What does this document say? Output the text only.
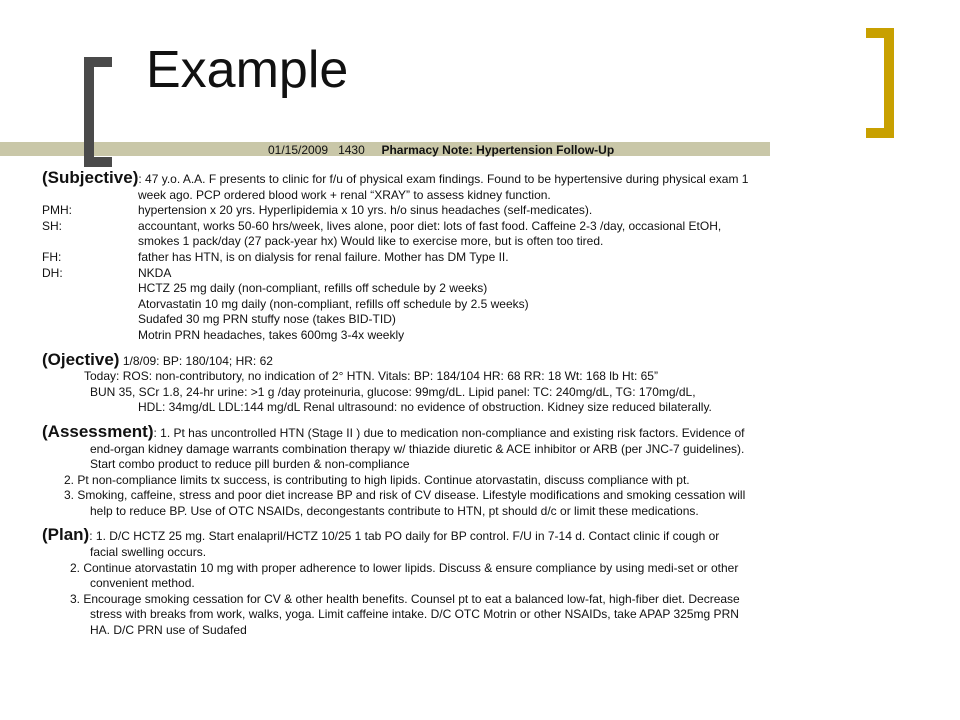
Example
01/15/2009 1430 Pharmacy Note: Hypertension Follow-Up
(Subjective): 47 y.o. A.A. F presents to clinic for f/u of physical exam findings. Found to be hypertensive during physical exam 1
week ago. PCP ordered blood work + renal “XRAY” to assess kidney function.
PMH:	hypertension x 20 yrs. Hyperlipidemia x 10 yrs. h/o sinus headaches (self-medicates).
SH:	accountant, works 50-60 hrs/week, lives alone, poor diet: lots of fast food. Caffeine 2-3 /day, occasional EtOH,
smokes 1 pack/day (27 pack-year hx) Would like to exercise more, but is often too tired.
FH:	father has HTN, is on dialysis for renal failure. Mother has DM Type II.
DH:	NKDA
HCTZ 25 mg daily (non-compliant, refills off schedule by 2 weeks)
Atorvastatin 10 mg daily (non-compliant, refills off schedule by 2.5 weeks)
Sudafed 30 mg PRN stuffy nose (takes BID-TID)
Motrin PRN headaches, takes 600mg 3-4x weekly
(Ojective) 1/8/09: BP: 180/104; HR: 62
Today: ROS: non-contributory, no indication of 2° HTN. Vitals: BP: 184/104 HR: 68 RR: 18 Wt: 168 lb Ht: 65”
BUN 35, SCr 1.8, 24-hr urine: >1 g /day proteinuria, glucose: 99mg/dL. Lipid panel: TC: 240mg/dL, TG: 170mg/dL,
HDL: 34mg/dL LDL:144 mg/dL Renal ultrasound: no evidence of obstruction. Kidney size reduced bilaterally.
(Assessment): 1. Pt has uncontrolled HTN (Stage II ) due to medication non-compliance and existing risk factors. Evidence of
end-organ kidney damage warrants combination therapy w/ thiazide diuretic & ACE inhibitor or ARB (per JNC-7 guidelines).
Start combo product to reduce pill burden & non-compliance
2. Pt non-compliance limits tx success, is contributing to high lipids. Continue atorvastatin, discuss compliance with pt.
3. Smoking, caffeine, stress and poor diet increase BP and risk of CV disease. Lifestyle modifications and smoking cessation will
help to reduce BP. Use of OTC NSAIDs, decongestants contribute to HTN, pt should d/c or limit these medications.
(Plan): 1. D/C HCTZ 25 mg. Start enalapril/HCTZ 10/25 1 tab PO daily for BP control. F/U in 7-14 d. Contact clinic if cough or
facial swelling occurs.
2. Continue atorvastatin 10 mg with proper adherence to lower lipids. Discuss & ensure compliance by using medi-set or other
convenient method.
3. Encourage smoking cessation for CV & other health benefits. Counsel pt to eat a balanced low-fat, high-fiber diet. Decrease
stress with breaks from work, walks, yoga. Limit caffeine intake. D/C OTC Motrin or other NSAIDs, take APAP 325mg PRN
HA. D/C PRN use of Sudafed
